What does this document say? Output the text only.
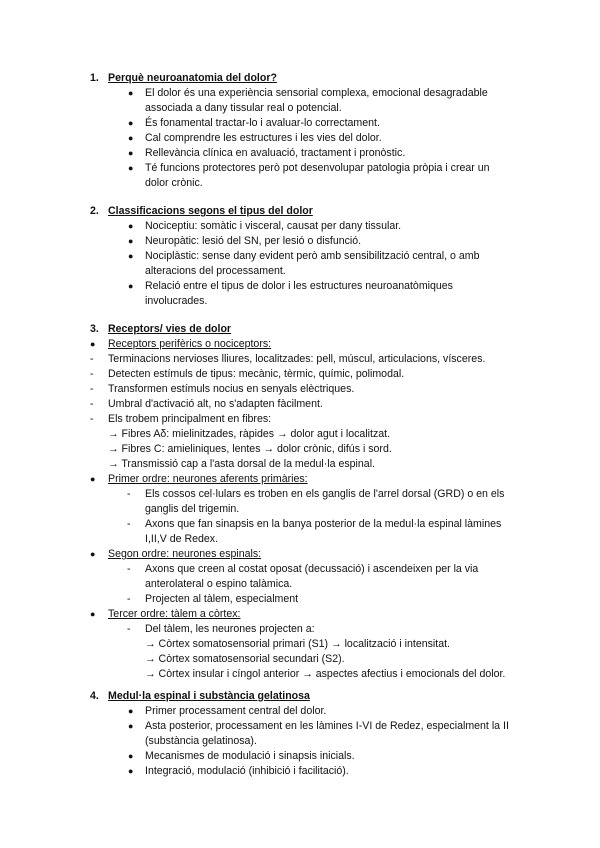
1. Perquè neuroanatomia del dolor?
● El dolor és una experiència sensorial complexa, emocional desagradable
associada a dany tissular real o potencial.
● És fonamental tractar-lo i avaluar-lo correctament.
● Cal comprendre les estructures i les vies del dolor.
● Rellevància clínica en avaluació, tractament i pronòstic.
● Té funcions protectores però pot desenvolupar patologia pròpia i crear un
dolor crònic.
2. Classificacions segons el tipus del dolor
● Nociceptiu: somàtic i visceral, causat per dany tissular.
● Neuropàtic: lesió del SN, per lesió o disfunció.
● Nociplàstic: sense dany evident però amb sensibilització central, o amb
alteracions del processament.
● Relació entre el tipus de dolor i les estructures neuroanatòmiques
involucrades.
3. Receptors/ vies de dolor
● Receptors perifèrics o nociceptors:
- Terminacions nervioses lliures, localitzades: pell, múscul, articulacions, vísceres.
- Detecten estímuls de tipus: mecànic, tèrmic, químic, polimodal.
- Transformen estímuls nocius en senyals elèctriques.
- Umbral d'activació alt, no s'adapten fàcilment.
- Els trobem principalment en fibres:
→ Fibres Aδ: mielinitzades, ràpides → dolor agut i localitzat.
→ Fibres C: amieliniques, lentes → dolor crònic, difús i sord.
→ Transmissió cap a l'asta dorsal de la medul·la espinal.
● Primer ordre: neurones aferents primàries:
- Els cossos cel·lulars es troben en els ganglis de l'arrel dorsal (GRD) o en els
ganglis del trigemin.
- Axons que fan sinapsis en la banya posterior de la medul·la espinal làmines
I,II,V de Redex.
● Segon ordre: neurones espinals:
- Axons que creen al costat oposat (decussació) i ascendeixen per la via
anterolateral o espino talàmica.
- Projecten al tàlem, especialment
● Tercer ordre: tàlem a còrtex:
- Del tàlem, les neurones projecten a:
→ Còrtex somatosensorial primari (S1) → localització i intensitat.
→ Còrtex somatosensorial secundari (S2).
→ Còrtex insular i cíngol anterior → aspectes afectius i emocionals del dolor.
4. Medul·la espinal i substància gelatinosa
● Primer processament central del dolor.
● Asta posterior, processament en les làmines I-VI de Redez, especialment la II
(substància gelatinosa).
● Mecanismes de modulació i sinapsis inicials.
● Integració, modulació (inhibició i facilitació).
